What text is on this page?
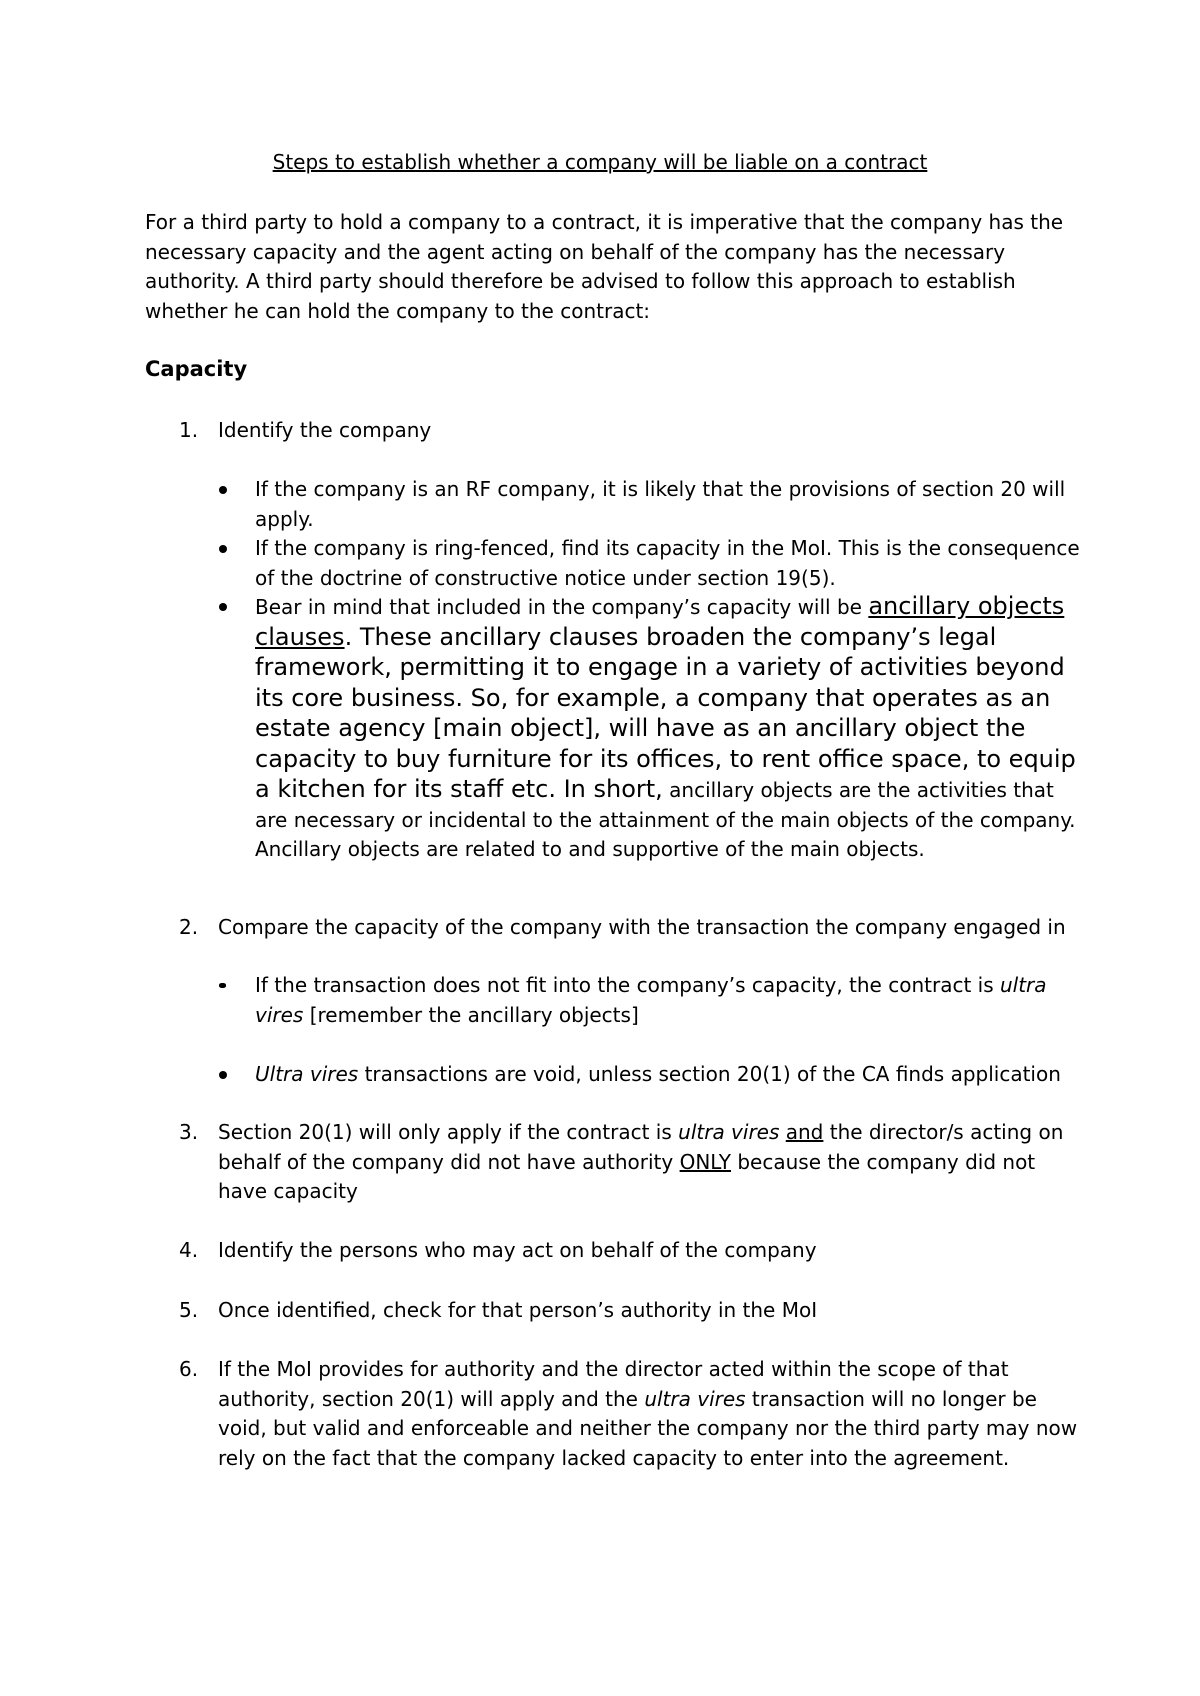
Steps to establish whether a company will be liable on a contract

For a third party to hold a company to a contract, it is imperative that the company has the necessary capacity and the agent acting on behalf of the company has the necessary authority. A third party should therefore be advised to follow this approach to establish whether he can hold the company to the contract:

Capacity
1. Identify the company
If the company is an RF company, it is likely that the provisions of section 20 will apply.
If the company is ring-fenced, find its capacity in the MoI. This is the consequence of the doctrine of constructive notice under section 19(5).
Bear in mind that included in the company’s capacity will be ancillary objects clauses. These ancillary clauses broaden the company’s legal framework, permitting it to engage in a variety of activities beyond its core business. So, for example, a company that operates as an estate agency [main object], will have as an ancillary object the capacity to buy furniture for its offices, to rent office space, to equip a kitchen for its staff etc. In short, ancillary objects are the activities that are necessary or incidental to the attainment of the main objects of the company. Ancillary objects are related to and supportive of the main objects.
2. Compare the capacity of the company with the transaction the company engaged in
If the transaction does not fit into the company’s capacity, the contract is ultra vires [remember the ancillary objects]
Ultra vires transactions are void, unless section 20(1) of the CA finds application
3. Section 20(1) will only apply if the contract is ultra vires and the director/s acting on behalf of the company did not have authority ONLY because the company did not have capacity
4. Identify the persons who may act on behalf of the company
5. Once identified, check for that person’s authority in the MoI
6. If the MoI provides for authority and the director acted within the scope of that authority, section 20(1) will apply and the ultra vires transaction will no longer be void, but valid and enforceable and neither the company nor the third party may now rely on the fact that the company lacked capacity to enter into the agreement.
